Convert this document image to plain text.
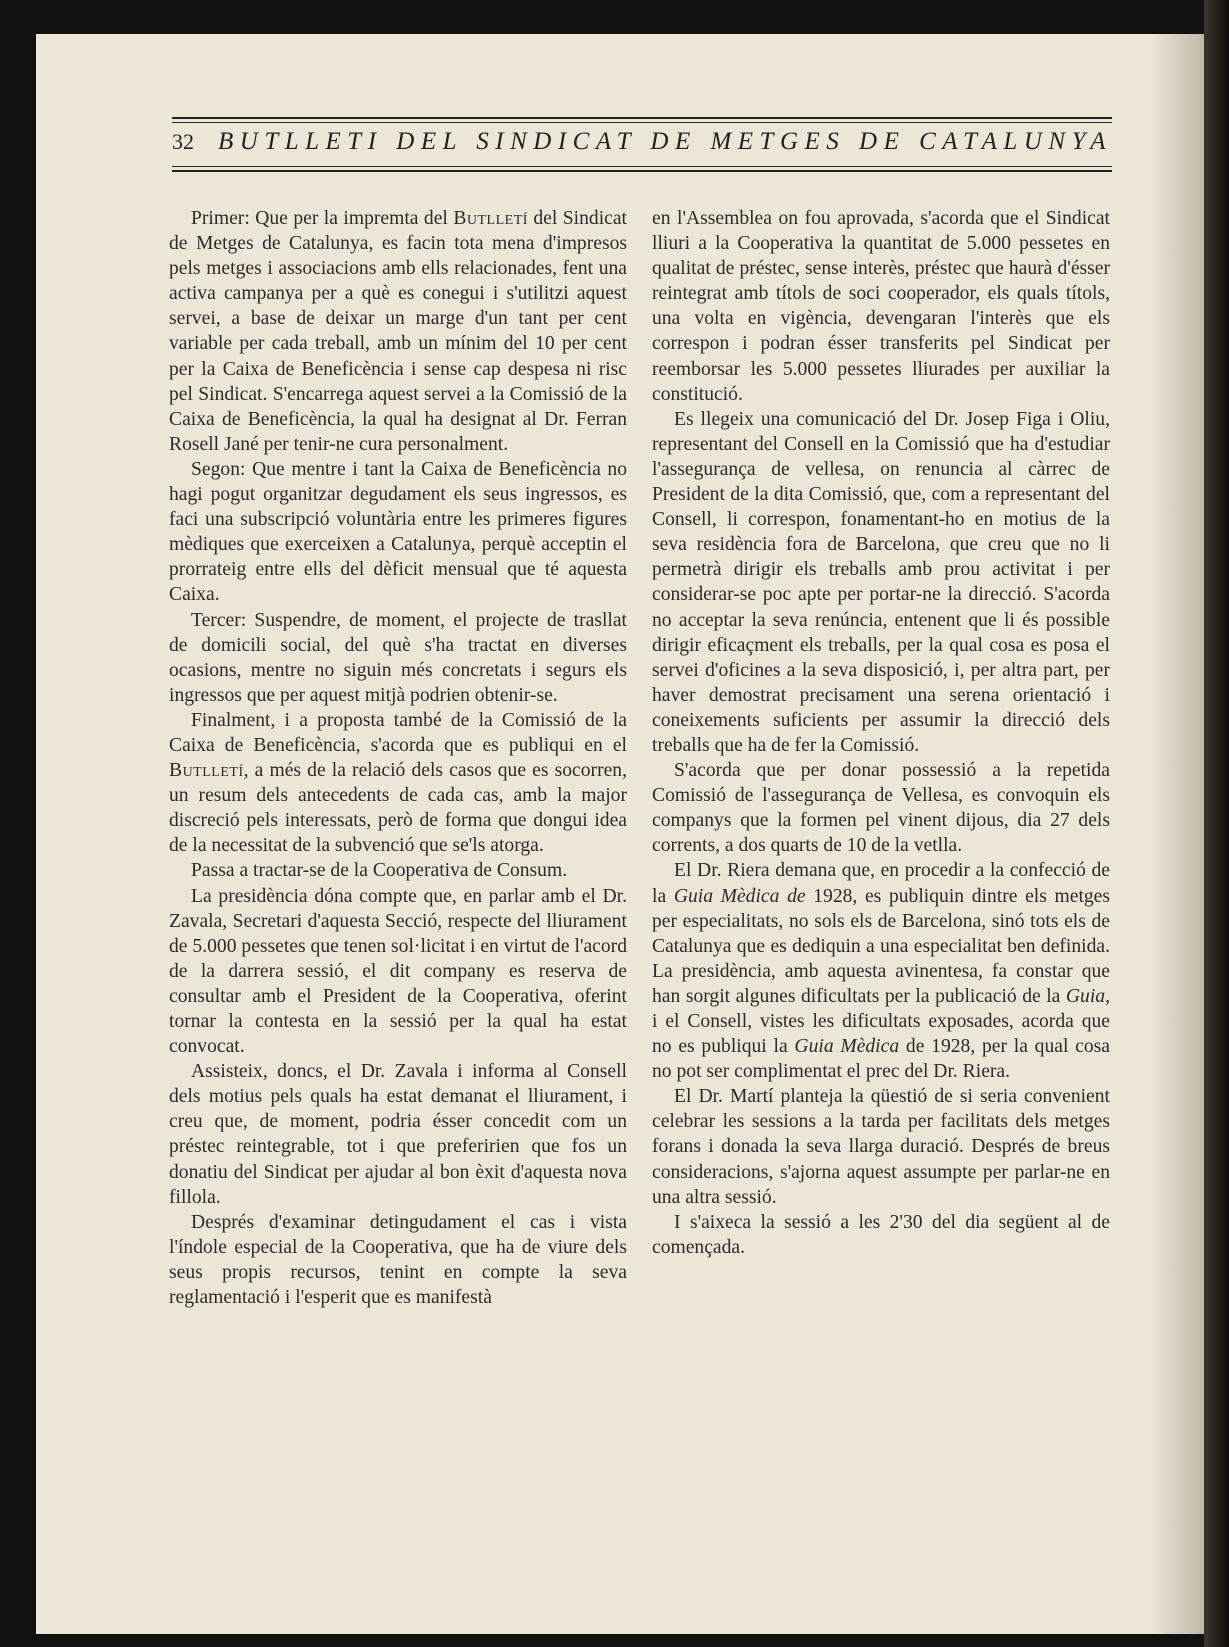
32 BUTLLETI DEL SINDICAT DE METGES DE CATALUNYA

Primer: Que per la impremta del Butlletí del Sindicat de Metges de Catalunya, es facin tota mena d'impresos pels metges i associacions amb ells relacionades, fent una activa campanya per a què es conegui i s'utilitzi aquest servei, a base de deixar un marge d'un tant per cent variable per cada treball, amb un mínim del 10 per cent per la Caixa de Beneficència i sense cap despesa ni risc pel Sindicat. S'encarrega aquest servei a la Comissió de la Caixa de Beneficència, la qual ha designat al Dr. Ferran Rosell Jané per tenir-ne cura personalment.

Segon: Que mentre i tant la Caixa de Beneficència no hagi pogut organitzar degudament els seus ingressos, es faci una subscripció voluntària entre les primeres figures mèdiques que exerceixen a Catalunya, perquè acceptin el prorrateig entre ells del dèficit mensual que té aquesta Caixa.

Tercer: Suspendre, de moment, el projecte de trasllat de domicili social, del què s'ha tractat en diverses ocasions, mentre no siguin més concretats i segurs els ingressos que per aquest mitjà podrien obtenir-se.

Finalment, i a proposta també de la Comissió de la Caixa de Beneficència, s'acorda que es publiqui en el Butlletí, a més de la relació dels casos que es socorren, un resum dels antecedents de cada cas, amb la major discreció pels interessats, però de forma que dongui idea de la necessitat de la subvenció que se'ls atorga.

Passa a tractar-se de la Cooperativa de Consum.

La presidència dóna compte que, en parlar amb el Dr. Zavala, Secretari d'aquesta Secció, respecte del lliurament de 5.000 pessetes que tenen sol·licitat i en virtut de l'acord de la darrera sessió, el dit company es reserva de consultar amb el President de la Cooperativa, oferint tornar la contesta en la sessió per la qual ha estat convocat.

Assisteix, doncs, el Dr. Zavala i informa al Consell dels motius pels quals ha estat demanat el lliurament, i creu que, de moment, podria ésser concedit com un préstec reintegrable, tot i que preferirien que fos un donatiu del Sindicat per ajudar al bon èxit d'aquesta nova fillola.

Després d'examinar detingudament el cas i vista l'índole especial de la Cooperativa, que ha de viure dels seus propis recursos, tenint en compte la seva reglamentació i l'esperit que es manifestà

en l'Assemblea on fou aprovada, s'acorda que el Sindicat lliuri a la Cooperativa la quantitat de 5.000 pessetes en qualitat de préstec, sense interès, préstec que haurà d'ésser reintegrat amb títols de soci cooperador, els quals títols, una volta en vigència, devengaran l'interès que els correspon i podran ésser transferits pel Sindicat per reemborsar les 5.000 pessetes lliurades per auxiliar la constitució.

Es llegeix una comunicació del Dr. Josep Figa i Oliu, representant del Consell en la Comissió que ha d'estudiar l'assegurança de vellesa, on renuncia al càrrec de President de la dita Comissió, que, com a representant del Consell, li correspon, fonamentant-ho en motius de la seva residència fora de Barcelona, que creu que no li permetrà dirigir els treballs amb prou activitat i per considerar-se poc apte per portar-ne la direcció. S'acorda no acceptar la seva renúncia, entenent que li és possible dirigir eficaçment els treballs, per la qual cosa es posa el servei d'oficines a la seva disposició, i, per altra part, per haver demostrat precisament una serena orientació i coneixements suficients per assumir la direcció dels treballs que ha de fer la Comissió.

S'acorda que per donar possessió a la repetida Comissió de l'assegurança de Vellesa, es convoquin els companys que la formen pel vinent dijous, dia 27 dels corrents, a dos quarts de 10 de la vetlla.

El Dr. Riera demana que, en procedir a la confecció de la Guia Mèdica de 1928, es publiquin dintre els metges per especialitats, no sols els de Barcelona, sinó tots els de Catalunya que es dediquin a una especialitat ben definida. La presidència, amb aquesta avinentesa, fa constar que han sorgit algunes dificultats per la publicació de la Guia, i el Consell, vistes les dificultats exposades, acorda que no es publiqui la Guia Mèdica de 1928, per la qual cosa no pot ser complimentat el prec del Dr. Riera.

El Dr. Martí planteja la qüestió de si seria convenient celebrar les sessions a la tarda per facilitats dels metges forans i donada la seva llarga duració. Després de breus consideracions, s'ajorna aquest assumpte per parlar-ne en una altra sessió.

I s'aixeca la sessió a les 2'30 del dia següent al de començada.
